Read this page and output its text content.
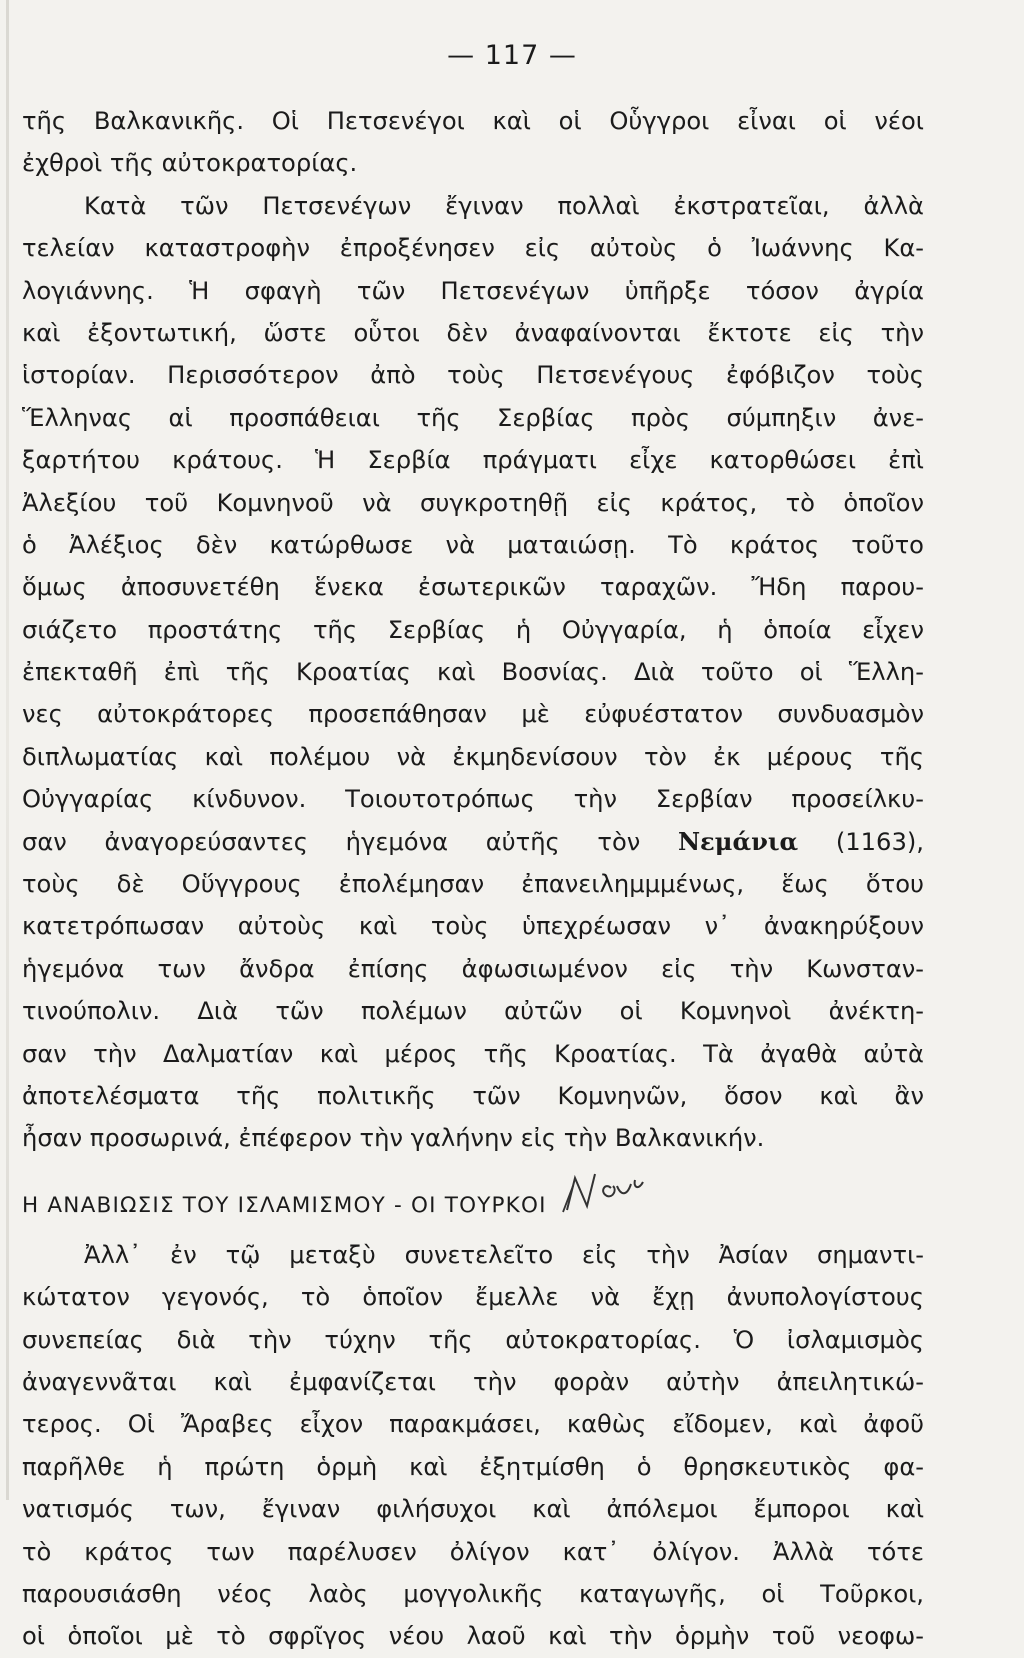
— 117 —
τῆς Βαλκανικῆς. Οἱ Πετσενέγοι καὶ οἱ Οὗγγροι εἶναι οἱ νέοι
ἐχθροὶ τῆς αὐτοκρατορίας.
Κατὰ τῶν Πετσενέγων ἔγιναν πολλαὶ ἐκστρατεῖαι, ἀλλὰ
τελείαν καταστροφὴν ἐπροξένησεν εἰς αὐτοὺς ὁ Ἰωάννης Κα-
λογιάννης. Ἡ σφαγὴ τῶν Πετσενέγων ὑπῆρξε τόσον ἀγρία
καὶ ἐξοντωτική, ὥστε οὗτοι δὲν ἀναφαίνονται ἔκτοτε εἰς τὴν
ἱστορίαν. Περισσότερον ἀπὸ τοὺς Πετσενέγους ἐφόβιζον τοὺς
Ἕλληνας αἱ προσπάθειαι τῆς Σερβίας πρὸς σύμπηξιν ἀνε-
ξαρτήτου κράτους. Ἡ Σερβία πράγματι εἶχε κατορθώσει ἐπὶ
Ἀλεξίου τοῦ Κομνηνοῦ νὰ συγκροτηθῇ εἰς κράτος, τὸ ὁποῖον
ὁ Ἀλέξιος δὲν κατώρθωσε νὰ ματαιώσῃ. Τὸ κράτος τοῦτο
ὅμως ἀποσυνετέθη ἕνεκα ἐσωτερικῶν ταραχῶν. Ἤδη παρου-
σιάζετο προστάτης τῆς Σερβίας ἡ Οὐγγαρία, ἡ ὁποία εἶχεν
ἐπεκταθῆ ἐπὶ τῆς Κροατίας καὶ Βοσνίας. Διὰ τοῦτο οἱ Ἕλλη-
νες αὐτοκράτορες προσεπάθησαν μὲ εὐφυέστατον συνδυασμὸν
διπλωματίας καὶ πολέμου νὰ ἐκμηδενίσουν τὸν ἐκ μέρους τῆς
Οὐγγαρίας κίνδυνον. Τοιουτοτρόπως τὴν Σερβίαν προσείλκυ-
σαν ἀναγορεύσαντες ἡγεμόνα αὐτῆς τὸν Νεμάνια (1163),
τοὺς δὲ Οὕγγρους ἐπολέμησαν ἐπανειλημμμένως, ἕως ὅτου
κατετρόπωσαν αὐτοὺς καὶ τοὺς ὑπεχρέωσαν ν᾽ ἀνακηρύξουν
ἡγεμόνα των ἄνδρα ἐπίσης ἀφωσιωμένον εἰς τὴν Κωνσταν-
τινούπολιν. Διὰ τῶν πολέμων αὐτῶν οἱ Κομνηνοὶ ἀνέκτη-
σαν τὴν Δαλματίαν καὶ μέρος τῆς Κροατίας. Τὰ ἀγαθὰ αὐτὰ
ἀποτελέσματα τῆς πολιτικῆς τῶν Κομνηνῶν, ὅσον καὶ ἂν
ἦσαν προσωρινά, ἐπέφερον τὴν γαλήνην εἰς τὴν Βαλκανικήν.
Η ΑΝΑΒΙΩΣΙΣ ΤΟΥ ΙΣΛΑΜΙΣΜΟΥ - ΟΙ ΤΟΥΡΚΟΙ
Ἀλλ᾽ ἐν τῷ μεταξὺ συνετελεῖτο εἰς τὴν Ἀσίαν σημαντι-
κώτατον γεγονός, τὸ ὁποῖον ἔμελλε νὰ ἔχῃ ἀνυπολογίστους
συνεπείας διὰ τὴν τύχην τῆς αὐτοκρατορίας. Ὁ ἰσλαμισμὸς
ἀναγεννᾶται καὶ ἐμφανίζεται τὴν φορὰν αὐτὴν ἀπειλητικώ-
τερος. Οἱ Ἄραβες εἶχον παρακμάσει, καθὼς εἴδομεν, καὶ ἀφοῦ
παρῆλθε ἡ πρώτη ὁρμὴ καὶ ἐξητμίσθη ὁ θρησκευτικὸς φα-
νατισμός των, ἔγιναν φιλήσυχοι καὶ ἀπόλεμοι ἔμποροι καὶ
τὸ κράτος των παρέλυσεν ὀλίγον κατ᾽ ὀλίγον. Ἀλλὰ τότε
παρουσιάσθη νέος λαὸς μογγολικῆς καταγωγῆς, οἱ Τοῦρκοι,
οἱ ὁποῖοι μὲ τὸ σφρῖγος νέου λαοῦ καὶ τὴν ὁρμὴν τοῦ νεοφω-
